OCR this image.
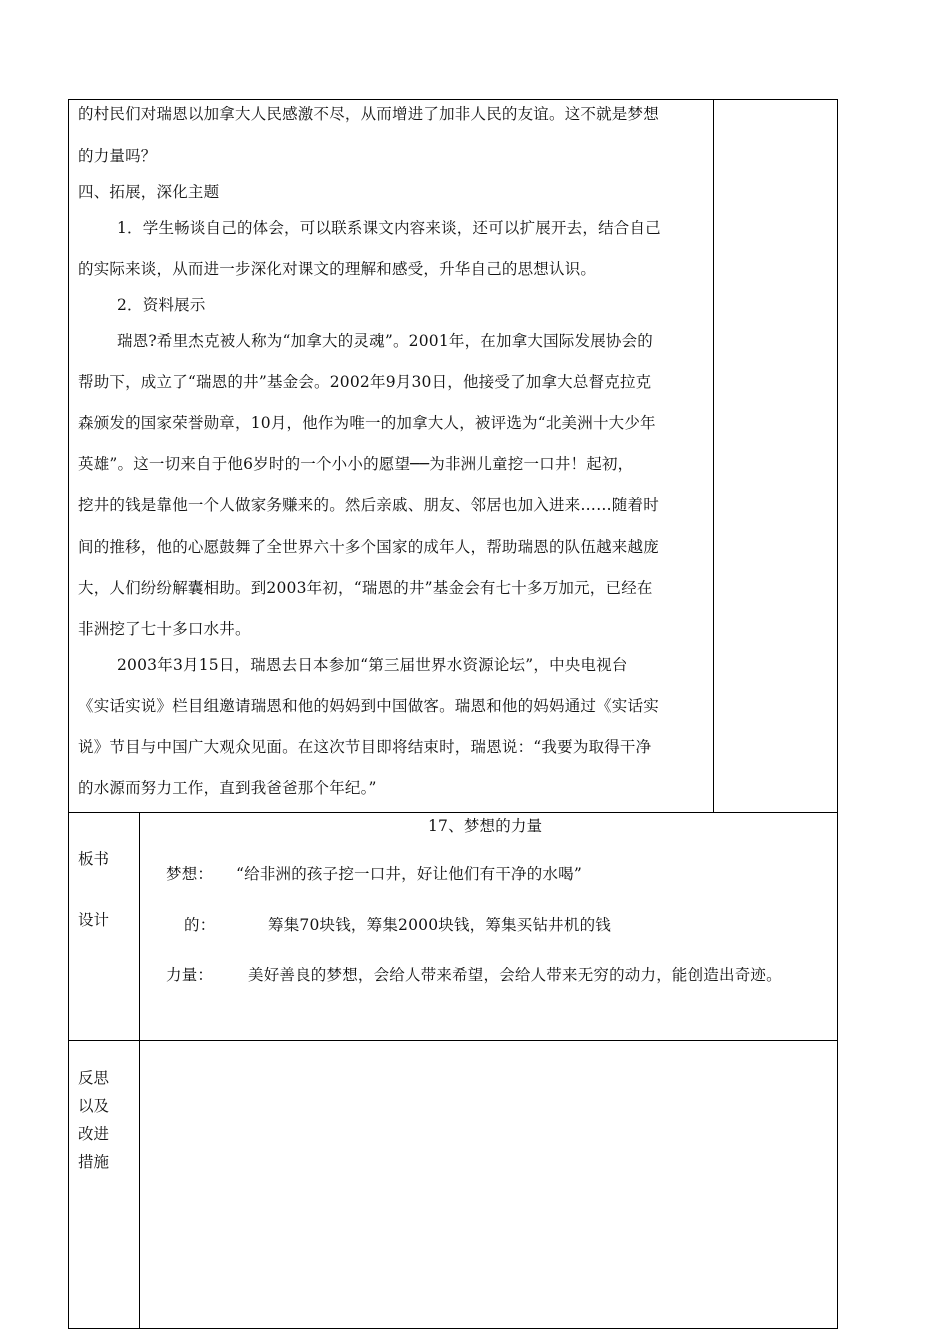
的村民们对瑞恩以加拿大人民感激不尽，从而增进了加非人民的友谊。这不就是梦想
的力量吗？
四、拓展，深化主题
1．学生畅谈自己的体会，可以联系课文内容来谈，还可以扩展开去，结合自己
的实际来谈，从而进一步深化对课文的理解和感受，升华自己的思想认识。
2．资料展示
瑞恩?希里杰克被人称为“加拿大的灵魂”。2001年，在加拿大国际发展协会的
帮助下，成立了“瑞恩的井”基金会。2002年9月30日，他接受了加拿大总督克拉克
森颁发的国家荣誉勋章，10月，他作为唯一的加拿大人，被评选为“北美洲十大少年
英雄”。这一切来自于他6岁时的一个小小的愿望──为非洲儿童挖一口井！起初，
挖井的钱是靠他一个人做家务赚来的。然后亲戚、朋友、邻居也加入进来……随着时
间的推移，他的心愿鼓舞了全世界六十多个国家的成年人，帮助瑞恩的队伍越来越庞
大，人们纷纷解囊相助。到2003年初，“瑞恩的井”基金会有七十多万加元，已经在
非洲挖了七十多口水井。
2003年3月15日，瑞恩去日本参加“第三届世界水资源论坛”，中央电视台
《实话实说》栏目组邀请瑞恩和他的妈妈到中国做客。瑞恩和他的妈妈通过《实话实
说》节目与中国广大观众见面。在这次节目即将结束时，瑞恩说：“我要为取得干净
的水源而努力工作，直到我爸爸那个年纪。”
板书
设计
17、梦想的力量
梦想： “给非洲的孩子挖一口井，好让他们有干净的水喝”
的：	筹集70块钱，筹集2000块钱，筹集买钻井机的钱
力量： 美好善良的梦想，会给人带来希望，会给人带来无穷的动力，能创造出奇迹。
反思
以及
改进
措施
